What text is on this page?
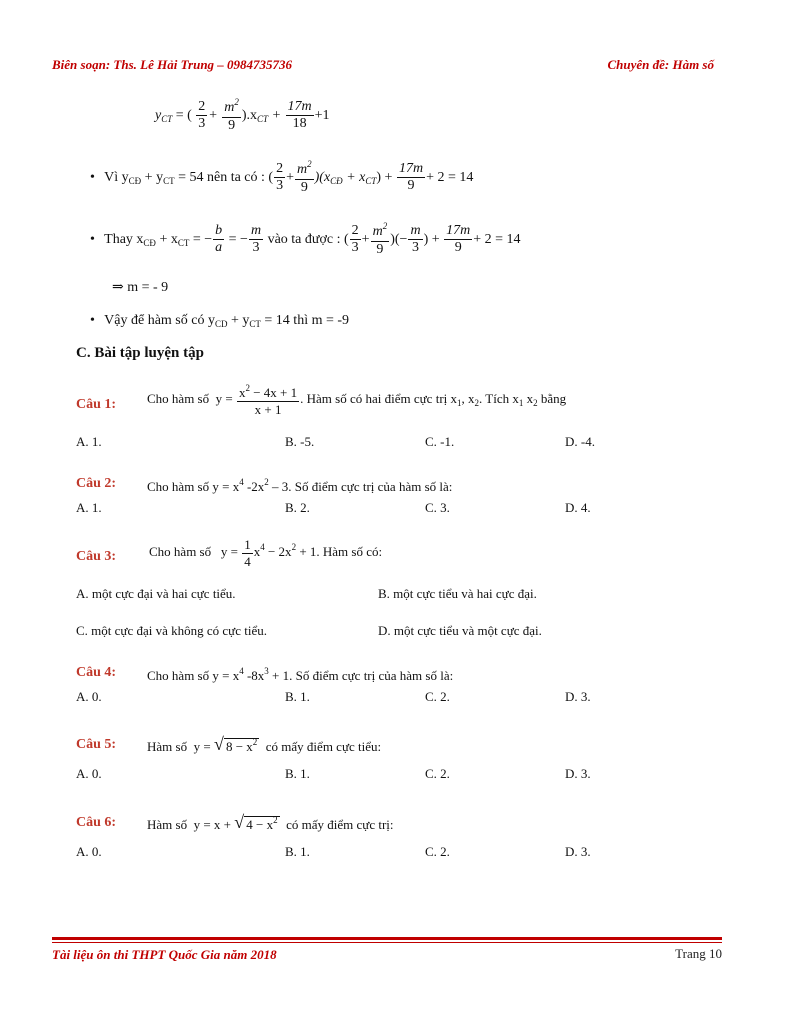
Biên soạn: Ths. Lê Hải Trung – 0984735736	Chuyên đề: Hàm số
$y_{CT}$ = ( $\frac{2}{3} + \frac{m^2}{9} ).x_{CT} + \frac{17m}{18} +1$
• Vì $y_{CĐ} + y_{CT} = 54$ nên ta có : ( $\frac{2}{3} + \frac{m^2}{9} )(x_{CĐ} + x_{CT}) + \frac{17m}{9} + 2 = 14$
• Thay $x_{CĐ} + x_{CT}$ = − $\frac{b}{a}$ = − $\frac{m}{3}$ vào ta được : ( $\frac{2}{3} + \frac{m^2}{9}$ )(− $\frac{m}{3}$ ) + $\frac{17m}{9} + 2 = 14$
⇒ m = - 9
• Vậy để hàm số có $y_{CD} + y_{CT} = 14$ thì m = -9
C. Bài tập luyện tập
Câu 1: Cho hàm số $y = \frac{x^2 - 4x + 1}{x + 1}$ . Hàm số có hai điểm cực trị $x_1$, $x_2$. Tích $x_1$ $x_2$ bằng
A. 1.	B. -5.	C. -1.	D. -4.
Câu 2: Cho hàm số $y = x^4$ $-2x^2 - 3$. Số điểm cực trị của hàm số là:
A. 1.	B. 2.	C. 3.	D. 4.
Câu 3:	Cho hàm số $y = \frac{1}{4} x^4 - 2x^2 + 1$. Hàm số có:
A. một cực đại và hai cực tiểu.	B. một cực tiểu và hai cực đại.
C. một cực đại và không có cực tiểu.	D. một cực tiểu và một cực đại.
Câu 4: Cho hàm số $y = x^4$ $-8x^3 + 1$. Số điểm cực trị của hàm số là:
A. 0.	B. 1.	C. 2.	D. 3.
Câu 5: Hàm số y = √ $8 - x^2$ có mấy điểm cực tiểu:
A. 0.	B. 1.	C. 2.	D. 3.
Câu 6: Hàm số y = x + √ $4 - x^2$ có mấy điểm cực trị:
A. 0.	B. 1.	C. 2.	D. 3.
Tài liệu ôn thi THPT Quốc Gia năm 2018	Trang 10
